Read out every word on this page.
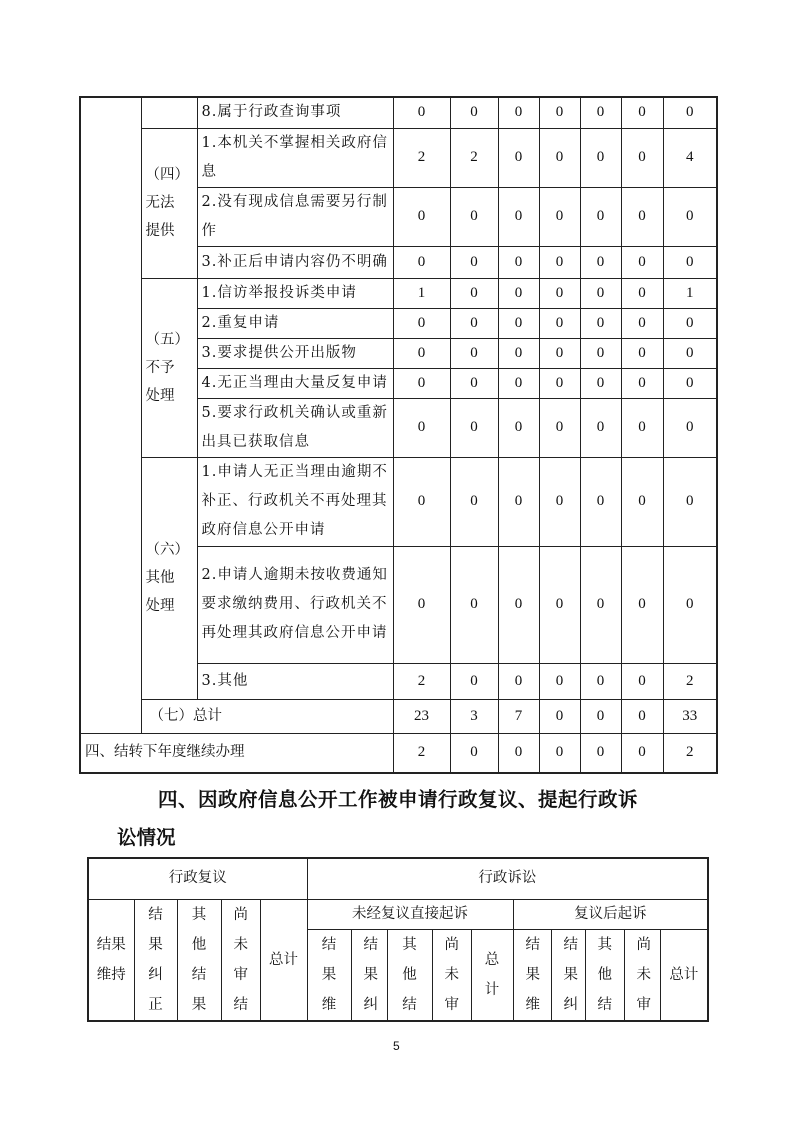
		8.属于行政查询事项	0	0	0	0	0	0	0

	（四）无法提供	1.本机关不掌握相关政府信息	2	2	0	0	0	0	4
		2.没有现成信息需要另行制作	0	0	0	0	0	0	0
		3.补正后申请内容仍不明确	0	0	0	0	0	0	0

	（五）不予处理	1.信访举报投诉类申请	1	0	0	0	0	0	1
		2.重复申请	0	0	0	0	0	0	0
		3.要求提供公开出版物	0	0	0	0	0	0	0
		4.无正当理由大量反复申请	0	0	0	0	0	0	0
		5.要求行政机关确认或重新出具已获取信息	0	0	0	0	0	0	0

	（六）其他处理	1.申请人无正当理由逾期不补正、行政机关不再处理其政府信息公开申请	0	0	0	0	0	0	0
		2.申请人逾期未按收费通知要求缴纳费用、行政机关不再处理其政府信息公开申请	0	0	0	0	0	0	0
		3.其他	2	0	0	0	0	0	2
	（七）总计		23	3	7	0	0	0	33
四、结转下年度继续办理			2	0	0	0	0	0	2
四、因政府信息公开工作被申请行政复议、提起行政诉
讼情况
行政复议					行政诉讼									
结果维持	结果纠正	其他结果	尚未审结	总计	未经复议直接起诉					复议后起诉				
					结果维	结果纠	其他结	尚未审	总计	结果维	结果纠	其他结	尚未审	总计
5
